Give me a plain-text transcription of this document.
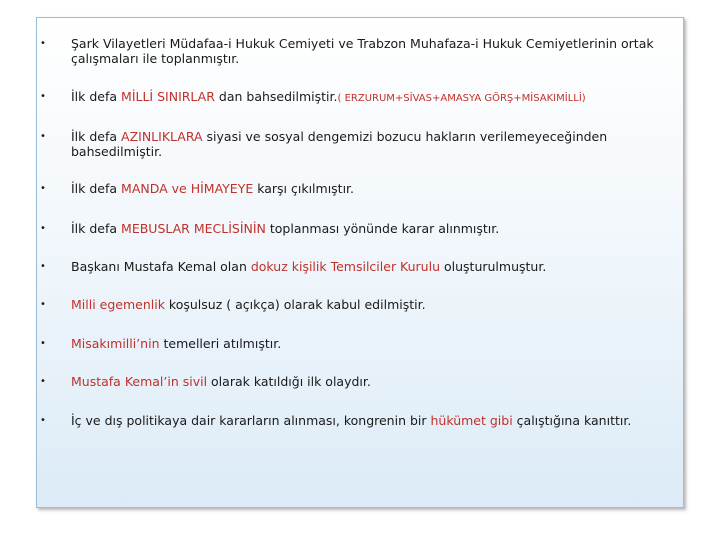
• Şark Vilayetleri Müdafaa-i Hukuk Cemiyeti ve Trabzon Muhafaza-i Hukuk Cemiyetlerinin ortak çalışmaları ile toplanmıştır.
• İlk defa MİLLİ SINIRLAR dan bahsedilmiştir.( ERZURUM+SİVAS+AMASYA GÖRŞ+MİSAKIMİLLİ)
• İlk defa AZINLIKLARA siyasi ve sosyal dengemizi bozucu hakların verilemeyeceğinden bahsedilmiştir.
• İlk defa MANDA ve HİMAYEYE karşı çıkılmıştır.
• İlk defa MEBUSLAR MECLİSİNİN toplanması yönünde karar alınmıştır.
• Başkanı Mustafa Kemal olan dokuz kişilik Temsilciler Kurulu oluşturulmuştur.
• Milli egemenlik koşulsuz ( açıkça) olarak kabul edilmiştir.
• Misakımilli’nin temelleri atılmıştır.
• Mustafa Kemal’in sivil olarak katıldığı ilk olaydır.
• İç ve dış politikaya dair kararların alınması, kongrenin bir hükümet gibi çalıştığına kanıttır.
